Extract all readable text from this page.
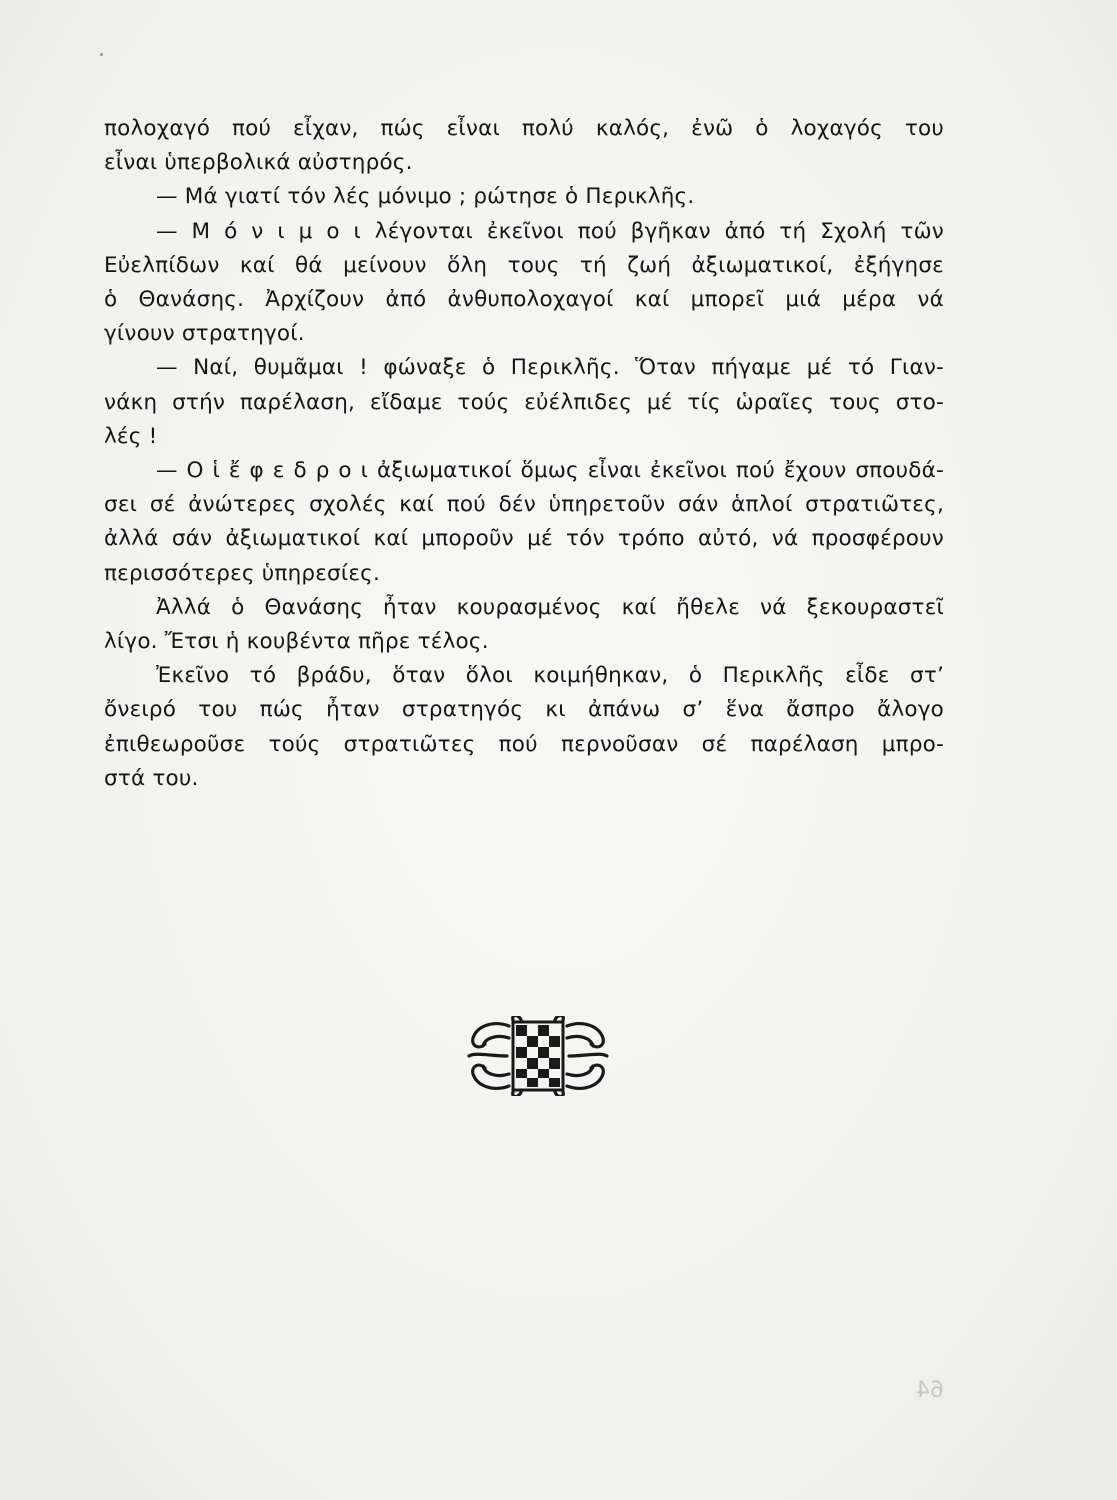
πολοχαγό πού εἶχαν, πώς εἶναι πολύ καλός, ἐνῶ ὁ λοχαγός του
εἶναι ὑπερβολικά αὐστηρός.

— Μά γιατί τόν λές μόνιμο ; ρώτησε ὁ Περικλῆς.

— Μ ό ν ι μ ο ι λέγονται ἐκεῖνοι πού βγῆκαν ἀπό τή Σχολή τῶν
Εὐελπίδων καί θά μείνουν ὅλη τους τή ζωή ἀξιωματικοί, ἐξήγησε
ὁ Θανάσης. Ἀρχίζουν ἀπό ἀνθυπολοχαγοί καί μπορεῖ μιά μέρα νά
γίνουν στρατηγοί.

— Ναί, θυμᾶμαι ! φώναξε ὁ Περικλῆς. Ὅταν πήγαμε μέ τό Γιαν-
νάκη στήν παρέλαση, εἴδαμε τούς εὐέλπιδες μέ τίς ὡραῖες τους στο-
λές !

— Ο ἱ ἔ φ ε δ ρ ο ι ἀξιωματικοί ὅμως εἶναι ἐκεῖνοι πού ἔχουν σπουδά-
σει σέ ἀνώτερες σχολές καί πού δέν ὑπηρετοῦν σάν ἁπλοί στρατιῶτες,
ἀλλά σάν ἀξιωματικοί καί μποροῦν μέ τόν τρόπο αὐτό, νά προσφέρουν
περισσότερες ὑπηρεσίες.

Ἀλλά ὁ Θανάσης ἦταν κουρασμένος καί ἤθελε νά ξεκουραστεῖ
λίγο. Ἔτσι ἡ κουβέντα πῆρε τέλος.

Ἐκεῖνο τό βράδυ, ὅταν ὅλοι κοιμήθηκαν, ὁ Περικλῆς εἶδε στ’
ὄνειρό του πώς ἦταν στρατηγός κι ἀπάνω σ’ ἕνα ἄσπρο ἄλογο
ἐπιθεωροῦσε τούς στρατιῶτες πού περνοῦσαν σέ παρέλαση μπρο-
στά του.

64
